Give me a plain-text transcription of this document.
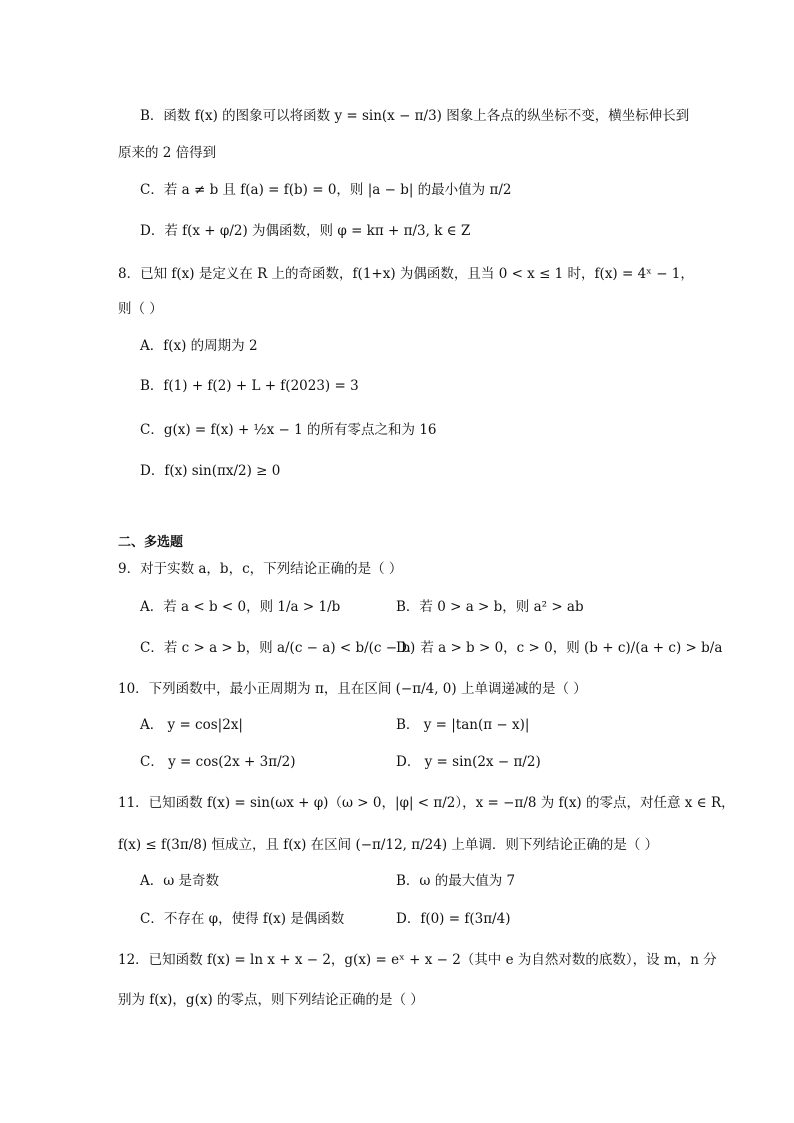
B．函数 f(x) 的图象可以将函数 y = sin(x − π/3) 图象上各点的纵坐标不变，横坐标伸长到
原来的 2 倍得到
C．若 a ≠ b 且 f(a) = f(b) = 0，则 |a − b| 的最小值为 π/2
D．若 f(x + φ/2) 为偶函数，则 φ = kπ + π/3, k ∈ Z
8．已知 f(x) 是定义在 R 上的奇函数，f(1+x) 为偶函数，且当 0 < x ≤ 1 时，f(x) = 4ˣ − 1，
则（ ）
A．f(x) 的周期为 2
B．f(1) + f(2) + L + f(2023) = 3
C．g(x) = f(x) + ½x − 1 的所有零点之和为 16
D．f(x) sin(πx/2) ≥ 0
二、多选题
9．对于实数 a，b，c，下列结论正确的是（ ）
A．若 a < b < 0，则 1/a > 1/b	B．若 0 > a > b，则 a² > ab
C．若 c > a > b，则 a/(c − a) < b/(c − b)
D．若 a > b > 0，c > 0，则 (b + c)/(a + c) > b/a
10．下列函数中，最小正周期为 π，且在区间 (−π/4, 0) 上单调递减的是（ ）
A． y = cos|2x|	B． y = |tan(π − x)|
C． y = cos(2x + 3π/2)	D． y = sin(2x − π/2)
11．已知函数 f(x) = sin(ωx + φ)（ω > 0，|φ| < π/2），x = −π/8 为 f(x) 的零点，对任意 x ∈ R，
f(x) ≤ f(3π/8) 恒成立，且 f(x) 在区间 (−π/12, π/24) 上单调．则下列结论正确的是（ ）
A．ω 是奇数	B．ω 的最大值为 7
C．不存在 φ，使得 f(x) 是偶函数	D．f(0) = f(3π/4)
12．已知函数 f(x) = ln x + x − 2，g(x) = eˣ + x − 2（其中 e 为自然对数的底数），设 m，n 分
别为 f(x)，g(x) 的零点，则下列结论正确的是（ ）
